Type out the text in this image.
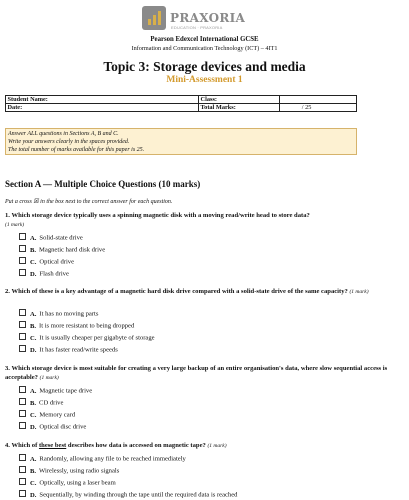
PRAXORIA
EDUCATION · PRAXORIA
Pearson Edexcel International GCSE
Information and Communication Technology (ICT) – 4IT1
Topic 3: Storage devices and media
Mini-Assessment 1
Student Name:	Class:	
Date:	Total Marks:	/ 25
Answer ALL questions in Sections A, B and C.
Write your answers clearly in the spaces provided.
The total number of marks available for this paper is 25.
Section A — Multiple Choice Questions (10 marks)
Put a cross ☒ in the box next to the correct answer for each question.
1. Which storage device typically uses a spinning magnetic disk with a moving read/write head to store data?
(1 mark)
A. Solid-state drive
B. Magnetic hard disk drive
C. Optical drive
D. Flash drive
2. Which of these is a key advantage of a magnetic hard disk drive compared with a solid-state drive of the same capacity? (1 mark)
A. It has no moving parts
B. It is more resistant to being dropped
C. It is usually cheaper per gigabyte of storage
D. It has faster read/write speeds
3. Which storage device is most suitable for creating a very large backup of an entire organisation's data, where slow sequential access is acceptable? (1 mark)
A. Magnetic tape drive
B. CD drive
C. Memory card
D. Optical disc drive
4. Which of these best describes how data is accessed on magnetic tape? (1 mark)
A. Randomly, allowing any file to be reached immediately
B. Wirelessly, using radio signals
C. Optically, using a laser beam
D. Sequentially, by winding through the tape until the required data is reached
